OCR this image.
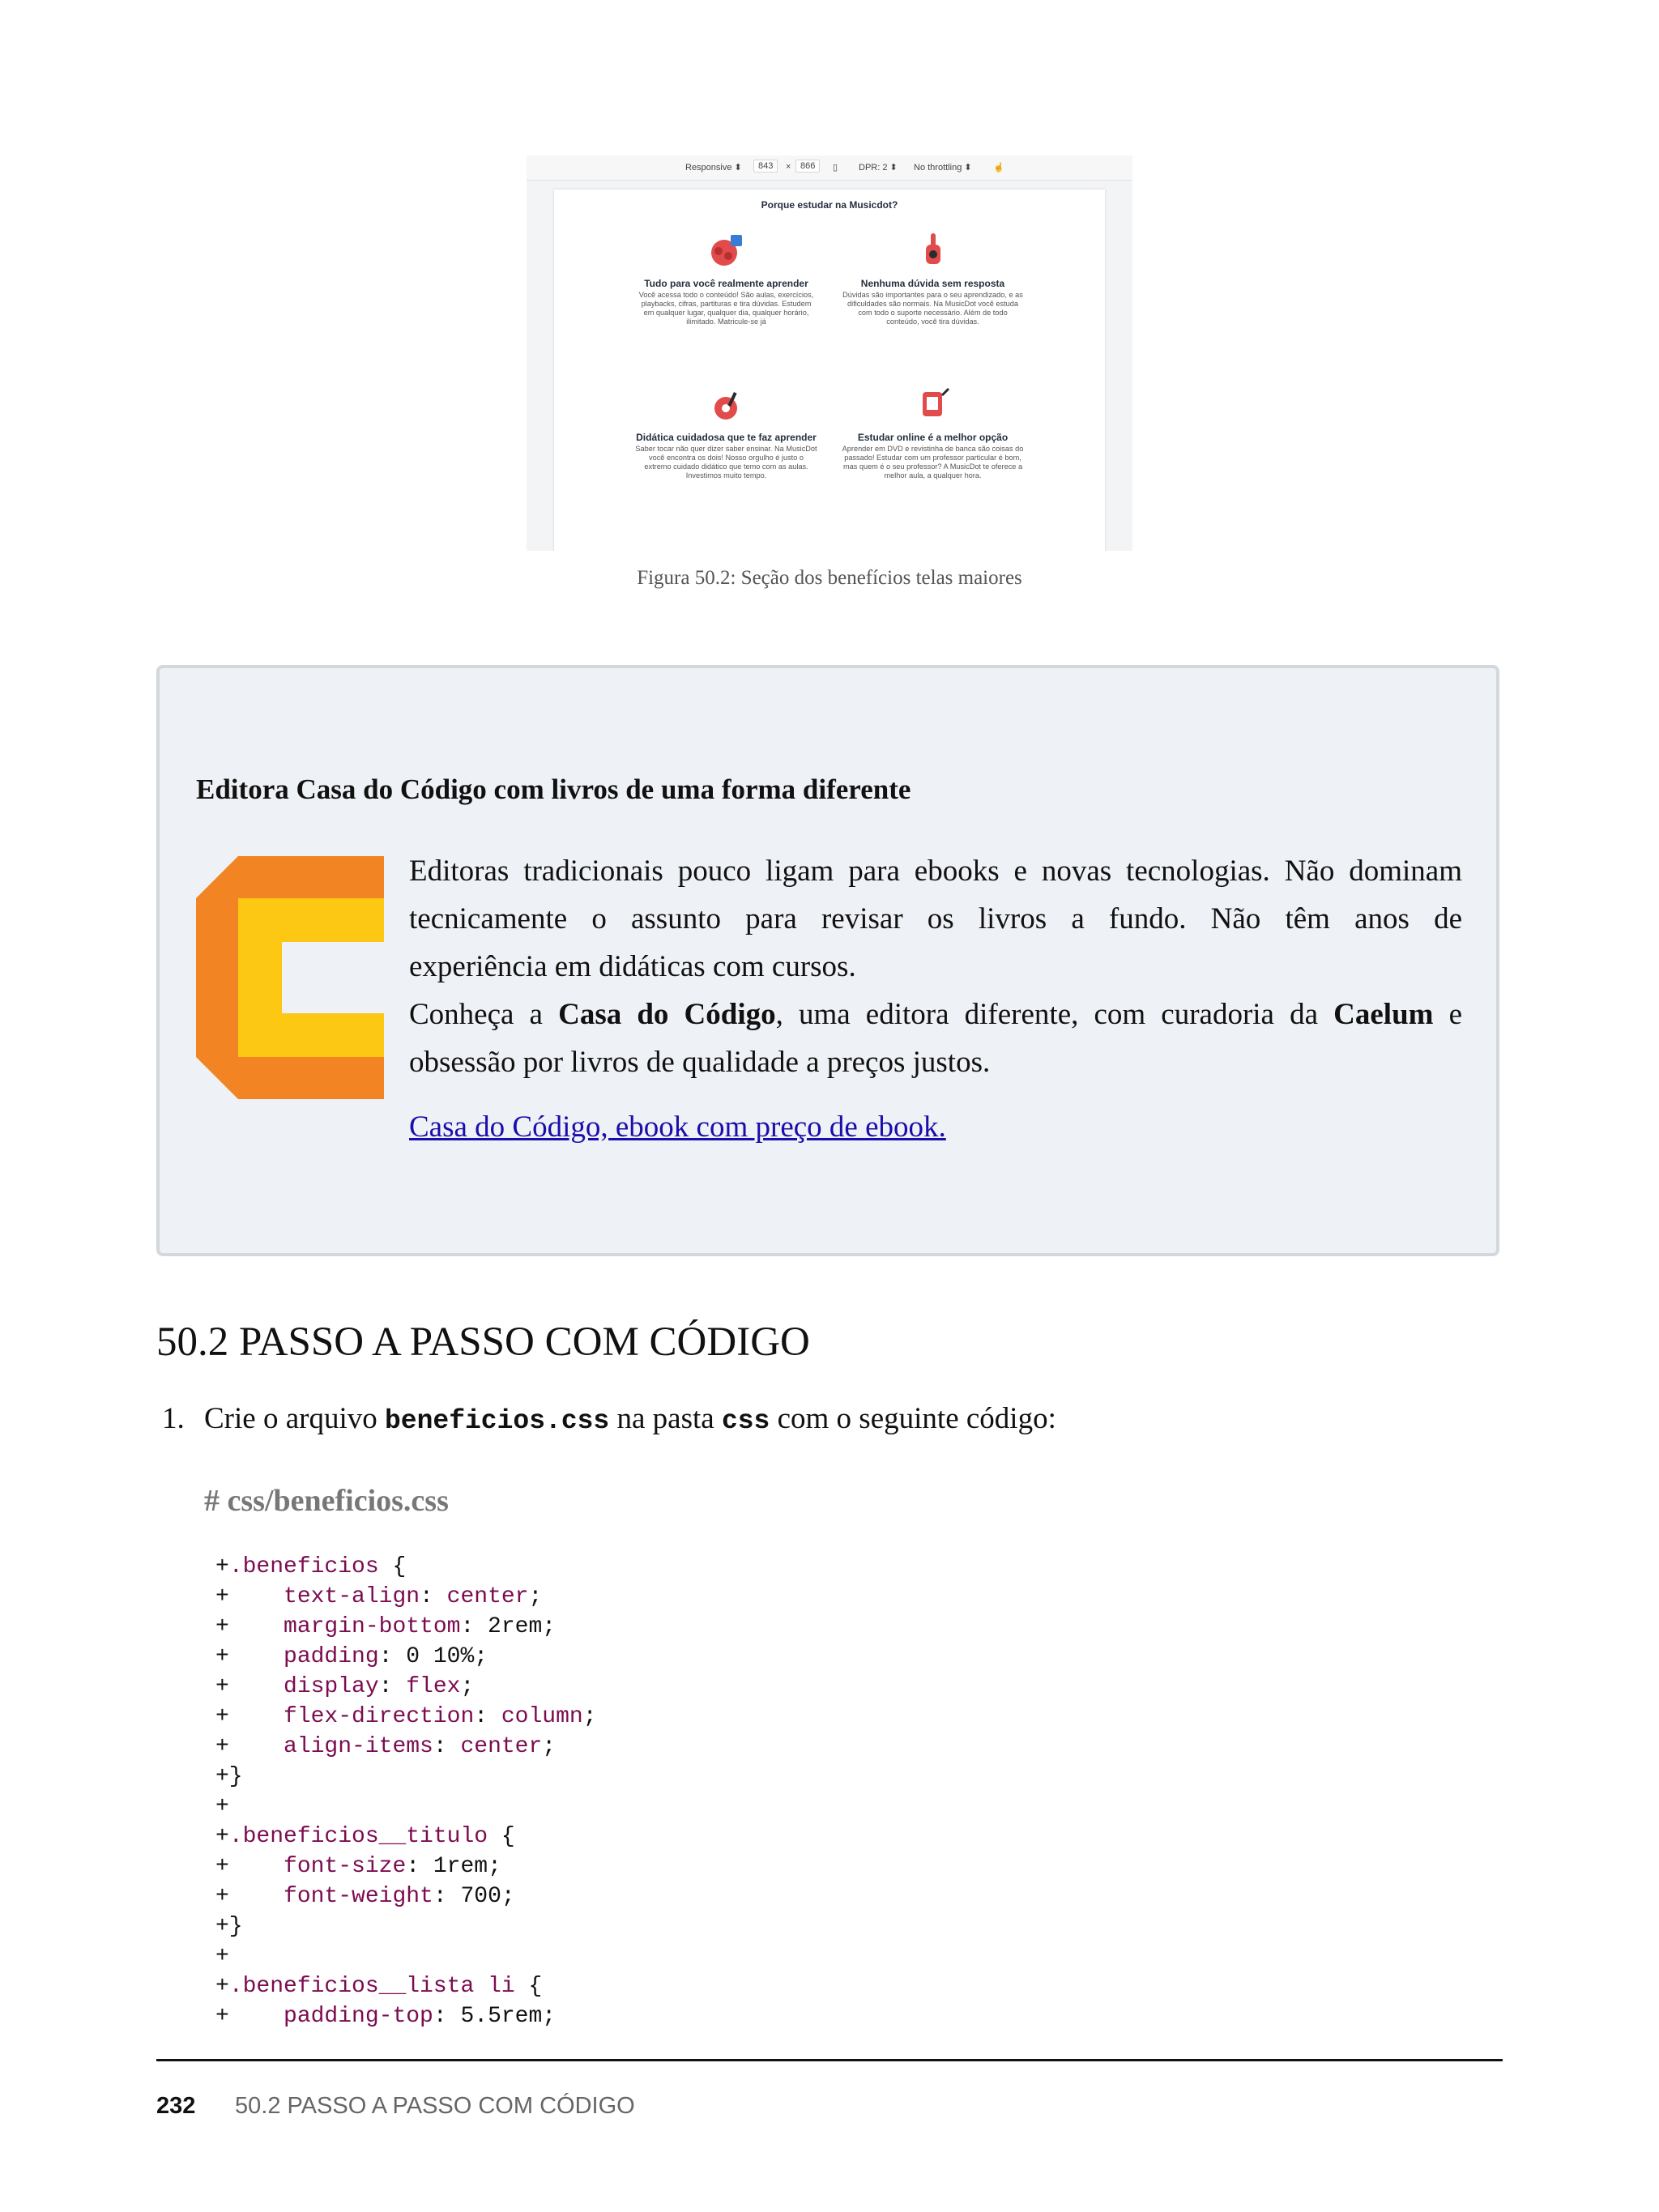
Responsive ⬍	843	×	866	▯ DPR: 2 ⬍ No throttling ⬍ ☝
Porque estudar na Musicdot?
Tudo para você realmente aprender
Você acessa todo o conteúdo! São aulas, exercícios, playbacks, cifras, partituras e tira dúvidas. Estudem em qualquer lugar, qualquer dia, qualquer horário, ilimitado. Matricule-se já
Nenhuma dúvida sem resposta
Dúvidas são importantes para o seu aprendizado, e as dificuldades são normais. Na MusicDot você estuda com todo o suporte necessário. Além de todo conteúdo, você tira dúvidas.
Didática cuidadosa que te faz aprender
Saber tocar não quer dizer saber ensinar. Na MusicDot você encontra os dois! Nosso orgulho é justo o extremo cuidado didático que temo com as aulas. Investimos muito tempo.
Estudar online é a melhor opção
Aprender em DVD e revistinha de banca são coisas do passado! Estudar com um professor particular é bom, mas quem é o seu professor? A MusicDot te oferece a melhor aula, a qualquer hora.
Figura 50.2: Seção dos benefícios telas maiores
Editora Casa do Código com livros de uma forma diferente
Editoras tradicionais pouco ligam para ebooks e novas tecnologias. Não dominam
tecnicamente o assunto para revisar os livros a fundo. Não têm anos de
experiência em didáticas com cursos.
Conheça a Casa do Código, uma editora diferente, com curadoria da Caelum e
obsessão por livros de qualidade a preços justos.
Casa do Código, ebook com preço de ebook.
50.2 PASSO A PASSO COM CÓDIGO
1. Crie o arquivo beneficios.css na pasta css com o seguinte código:
# css/beneficios.css
+.beneficios {
+    text-align: center;
+    margin-bottom: 2rem;
+    padding: 0 10%;
+    display: flex;
+    flex-direction: column;
+    align-items: center;
+}
+
+.beneficios__titulo {
+    font-size: 1rem;
+    font-weight: 700;
+}
+
+.beneficios__lista li {
+    padding-top: 5.5rem;
232 50.2 PASSO A PASSO COM CÓDIGO
